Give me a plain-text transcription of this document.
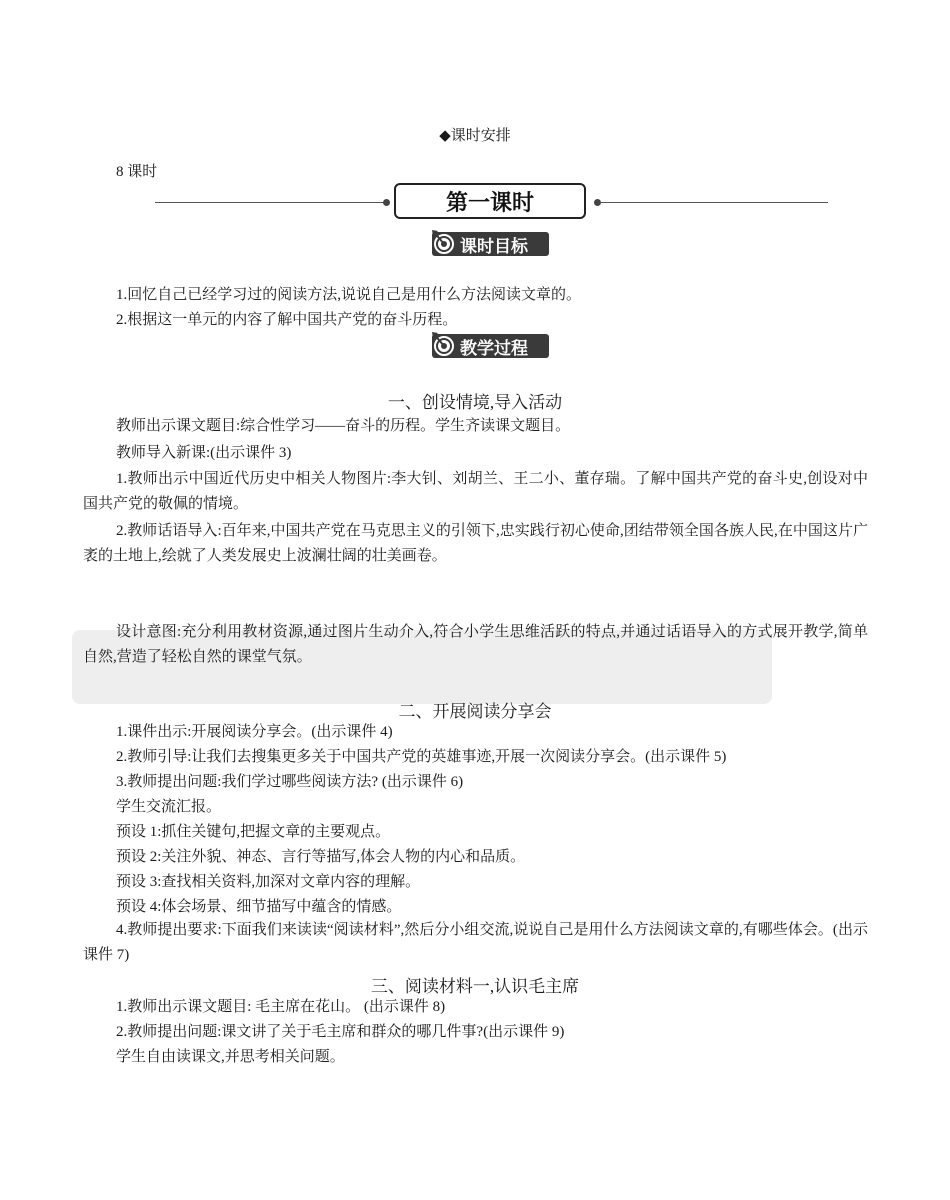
◆课时安排
8 课时
第一课时
课时目标
1.回忆自己已经学习过的阅读方法,说说自己是用什么方法阅读文章的。
2.根据这一单元的内容了解中国共产党的奋斗历程。
教学过程
一、创设情境,导入活动
教师出示课文题目:综合性学习——奋斗的历程。学生齐读课文题目。
教师导入新课:(出示课件 3)
1.教师出示中国近代历史中相关人物图片:李大钊、刘胡兰、王二小、董存瑞。了解中国共产党的奋斗史,创设对中国共产党的敬佩的情境。
2.教师话语导入:百年来,中国共产党在马克思主义的引领下,忠实践行初心使命,团结带领全国各族人民,在中国这片广袤的土地上,绘就了人类发展史上波澜壮阔的壮美画卷。
设计意图:充分利用教材资源,通过图片生动介入,符合小学生思维活跃的特点,并通过话语导入的方式展开教学,简单自然,营造了轻松自然的课堂气氛。
二、开展阅读分享会
1.课件出示:开展阅读分享会。(出示课件 4)
2.教师引导:让我们去搜集更多关于中国共产党的英雄事迹,开展一次阅读分享会。(出示课件 5)
3.教师提出问题:我们学过哪些阅读方法? (出示课件 6)
学生交流汇报。
预设 1:抓住关键句,把握文章的主要观点。
预设 2:关注外貌、神态、言行等描写,体会人物的内心和品质。
预设 3:查找相关资料,加深对文章内容的理解。
预设 4:体会场景、细节描写中蕴含的情感。
4.教师提出要求:下面我们来读读“阅读材料”,然后分小组交流,说说自己是用什么方法阅读文章的,有哪些体会。(出示课件 7)
三、阅读材料一,认识毛主席
1.教师出示课文题目: 毛主席在花山。 (出示课件 8)
2.教师提出问题:课文讲了关于毛主席和群众的哪几件事?(出示课件 9)
学生自由读课文,并思考相关问题。
